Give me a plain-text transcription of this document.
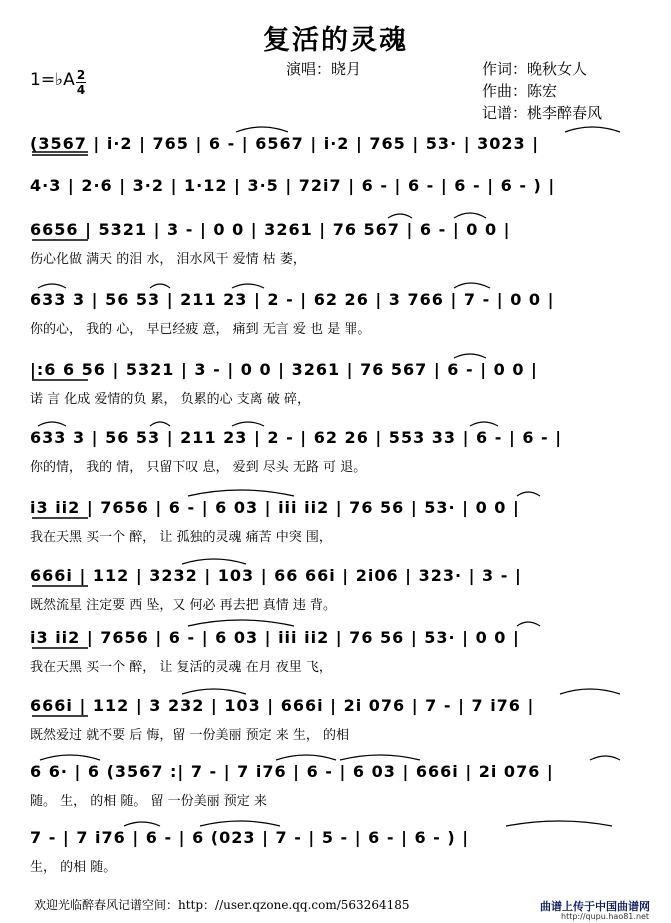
复活的灵魂
演唱：晓月	作词：晚秋女人
作曲：陈宏
记谱：桃李醉春风
1=♭A 2
4
(3567 | i·2 | 765 | 6 - | 6567 | i·2 | 765 | 53· | 3023 |
4·3 | 2·6 | 3·2 | 1·12 | 3·5 | 72i7 | 6 - | 6 - | 6 - | 6 - ) |
6656 | 5321 | 3 - | 0 0 | 3261 | 76 567 | 6 - | 0 0 |
伤心化做 满天 的泪 水， 泪水风干 爱情 枯 萎，
633 3 | 56 53 | 211 23 | 2 - | 62 26 | 3 766 | 7 - | 0 0 |
你的心， 我的 心， 早已经疲 意， 痛到 无言 爱 也 是 罪。
|:6 6 56 | 5321 | 3 - | 0 0 | 3261 | 76 567 | 6 - | 0 0 |
诺 言 化成 爱情的负 累， 负累的心 支离 破 碎，
633 3 | 56 53 | 211 23 | 2 - | 62 26 | 553 33 | 6 - | 6 - |
你的情， 我的 情， 只留下叹 息， 爱到 尽头 无路 可 退。
i3 ii2 | 7656 | 6 - | 6 03 | iii ii2 | 76 56 | 53· | 0 0 |
我在天黑 买一个 醉， 让 孤独的灵魂 痛苦 中突 围，
666i | 112 | 3232 | 103 | 66 66i | 2i06 | 323· | 3 - |
既然流星 注定要 西 坠，又 何必 再去把 真情 违 背。
i3 ii2 | 7656 | 6 - | 6 03 | iii ii2 | 76 56 | 53· | 0 0 |
我在天黑 买一个 醉， 让 复活的灵魂 在月 夜里 飞，
666i | 112 | 3 232 | 103 | 666i | 2i 076 | 7 - | 7 i76 |
既然爱过 就不要 后 悔，留 一份美丽 预定 来 生， 的相
6 6· | 6 (3567 :| 7 - | 7 i76 | 6 - | 6 03 | 666i | 2i 076 |
随。 生， 的相 随。 留 一份美丽 预定 来
7 - | 7 i76 | 6 - | 6 (023 | 7 - | 5 - | 6 - | 6 - ) |
生， 的相 随。
欢迎光临醉春风记谱空间：http：//user.qzone.qq.com/563264185	曲谱上传于中国曲谱网
http://qupu.hao81.net
